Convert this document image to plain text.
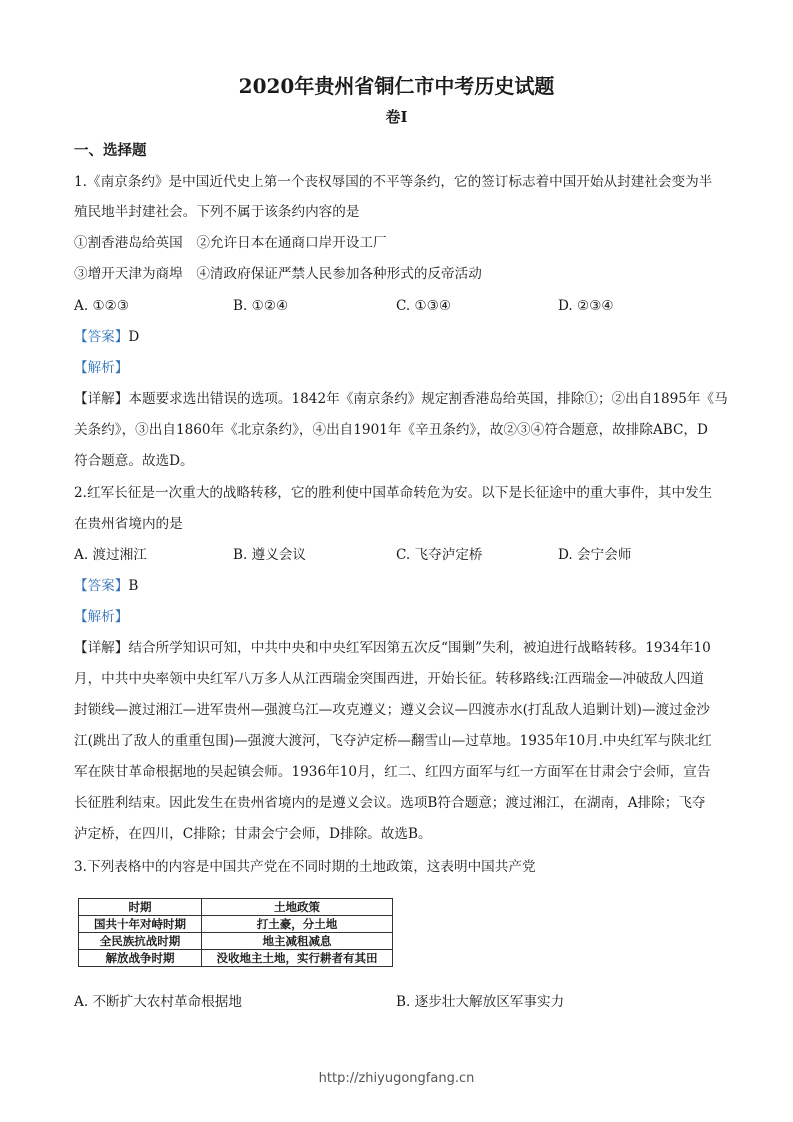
2020年贵州省铜仁市中考历史试题
卷I
一、选择题
1.《南京条约》是中国近代史上第一个丧权辱国的不平等条约，它的签订标志着中国开始从封建社会变为半
殖民地半封建社会。下列不属于该条约内容的是
①割香港岛给英国　②允许日本在通商口岸开设工厂
③增开天津为商埠　④清政府保证严禁人民参加各种形式的反帝活动
A. ①②③	B. ①②④	C. ①③④	D. ②③④
【答案】D
【解析】
【详解】本题要求选出错误的选项。1842年《南京条约》规定割香港岛给英国，排除①；②出自1895年《马
关条约》，③出自1860年《北京条约》，④出自1901年《辛丑条约》，故②③④符合题意，故排除ABC，D
符合题意。故选D。
2.红军长征是一次重大的战略转移，它的胜利使中国革命转危为安。以下是长征途中的重大事件，其中发生
在贵州省境内的是
A. 渡过湘江	B. 遵义会议	C. 飞夺泸定桥	D. 会宁会师
【答案】B
【解析】
【详解】结合所学知识可知，中共中央和中央红军因第五次反“围剿”失利，被迫进行战略转移。1934年10
月，中共中央率领中央红军八万多人从江西瑞金突围西进，开始长征。转移路线:江西瑞金—冲破敌人四道
封锁线—渡过湘江—进军贵州—强渡乌江—攻克遵义；遵义会议—四渡赤水(打乱敌人追剿计划)—渡过金沙
江(跳出了敌人的重重包围)—强渡大渡河，飞夺泸定桥—翻雪山—过草地。1935年10月.中央红军与陕北红
军在陕甘革命根据地的吴起镇会师。1936年10月，红二、红四方面军与红一方面军在甘肃会宁会师，宣告
长征胜利结束。因此发生在贵州省境内的是遵义会议。选项B符合题意；渡过湘江，在湖南，A排除；飞夺
泸定桥，在四川，C排除；甘肃会宁会师，D排除。故选B。
3.下列表格中的内容是中国共产党在不同时期的土地政策，这表明中国共产党
时期	土地政策
国共十年对峙时期	打土豪，分土地
全民族抗战时期	地主减租减息
解放战争时期	没收地主土地，实行耕者有其田
A. 不断扩大农村革命根据地	B. 逐步壮大解放区军事实力
http://zhiyugongfang.cn
